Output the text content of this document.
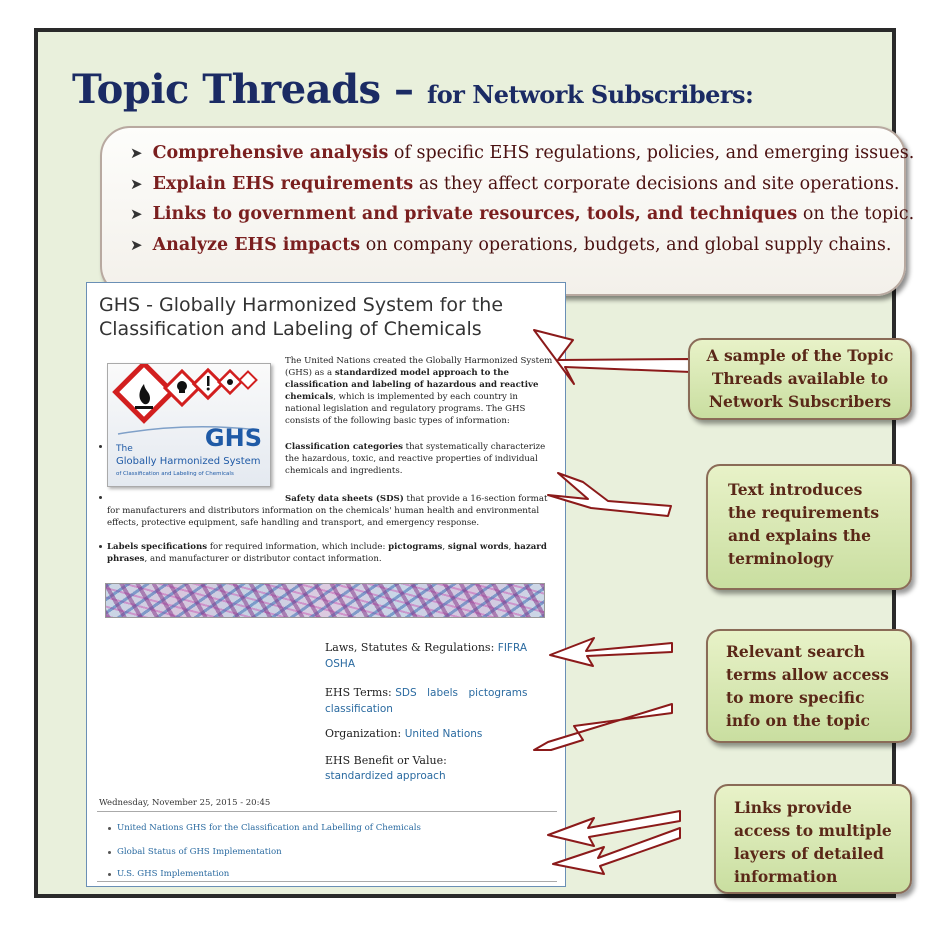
Topic Threads – for Network Subscribers:
➤ Comprehensive analysis of specific EHS regulations, policies, and emerging issues.
➤ Explain EHS requirements as they affect corporate decisions and site operations.
➤ Links to government and private resources, tools, and techniques on the topic.
➤ Analyze EHS impacts on company operations, budgets, and global supply chains.
GHS - Globally Harmonized System for the Classification and Labeling of Chemicals
GHS
The
Globally Harmonized System
of Classification and Labeling of Chemicals
The United Nations created the Globally Harmonized System (GHS) as a standardized model approach to the classification and labeling of hazardous and reactive chemicals, which is implemented by each country in national legislation and regulatory programs. The GHS consists of the following basic types of information:
Classification categories that systematically characterize the hazardous, toxic, and reactive properties of individual chemicals and ingredients.
Safety data sheets (SDS) that provide a 16-section format for manufacturers and distributors information on the chemicals' human health and environmental effects, protective equipment, safe handling and transport, and emergency response.
Labels specifications for required information, which include: pictograms, signal words, hazard phrases, and manufacturer or distributor contact information.
Laws, Statutes & Regulations: FIFRA
OSHA
EHS Terms: SDS labels pictograms
classification
Organization: United Nations
EHS Benefit or Value:
standardized approach
Wednesday, November 25, 2015 - 20:45
United Nations GHS for the Classification and Labelling of Chemicals
Global Status of GHS Implementation
U.S. GHS Implementation
A sample of the Topic
Threads available to
Network Subscribers
Text introduces
the requirements
and explains the
terminology
Relevant search
terms allow access
to more specific
info on the topic
Links provide
access to multiple
layers of detailed
information
